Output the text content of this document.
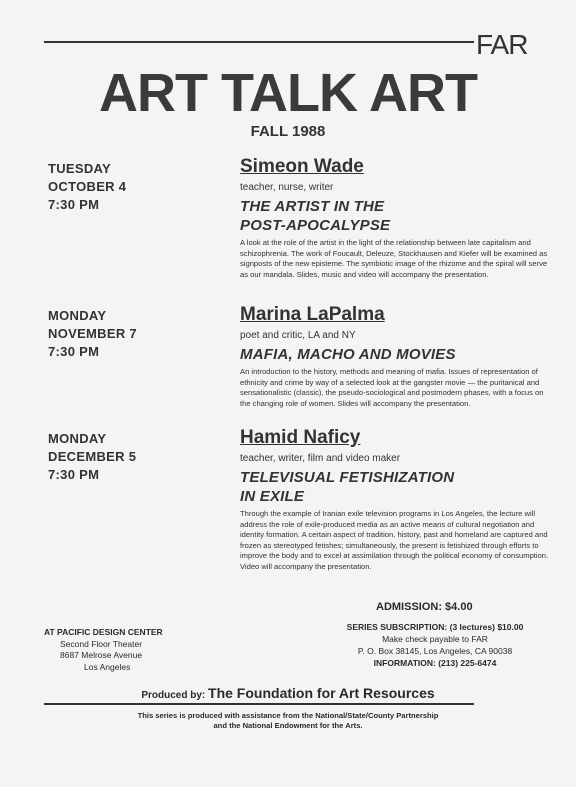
FAR
ART TALK ART
FALL 1988
TUESDAY
OCTOBER 4
7:30 PM
Simeon Wade
teacher, nurse, writer
THE ARTIST IN THE
POST-APOCALYPSE
A look at the role of the artist in the light of the relationship between late capitalism and schizophrenia. The work of Foucault, Deleuze, Stockhausen and Kiefer will be examined as signposts of the new episteme. The symbiotic image of the rhizome and the spiral will serve as our mandala. Slides, music and video will accompany the presentation.
MONDAY
NOVEMBER 7
7:30 PM
Marina LaPalma
poet and critic, LA and NY
MAFIA, MACHO AND MOVIES
An introduction to the history, methods and meaning of mafia. Issues of representation of ethnicity and crime by way of a selected look at the gangster movie — the puritanical and sensationalistic (classic), the pseudo-sociological and postmodern phases, with a focus on the changing role of women. Slides will accompany the presentation.
MONDAY
DECEMBER 5
7:30 PM
Hamid Naficy
teacher, writer, film and video maker
TELEVISUAL FETISHIZATION
IN EXILE
Through the example of Iranian exile television programs in Los Angeles, the lecture will address the role of exile-produced media as an active means of cultural negotiation and identity formation. A certain aspect of tradition, history, past and homeland are captured and frozen as stereotyped fetishes; simultaneously, the present is fetishized through efforts to improve the body and to excel at assimilation through the political economy of consumption. Video will accompany the presentation.
ADMISSION: $4.00
SERIES SUBSCRIPTION: (3 lectures) $10.00
Make check payable to FAR
P. O. Box 38145, Los Angeles, CA 90038
INFORMATION: (213) 225-6474
AT PACIFIC DESIGN CENTER
Second Floor Theater
8687 Melrose Avenue
Los Angeles
Produced by: The Foundation for Art Resources
This series is produced with assistance from the National/State/County Partnership
and the National Endowment for the Arts.
